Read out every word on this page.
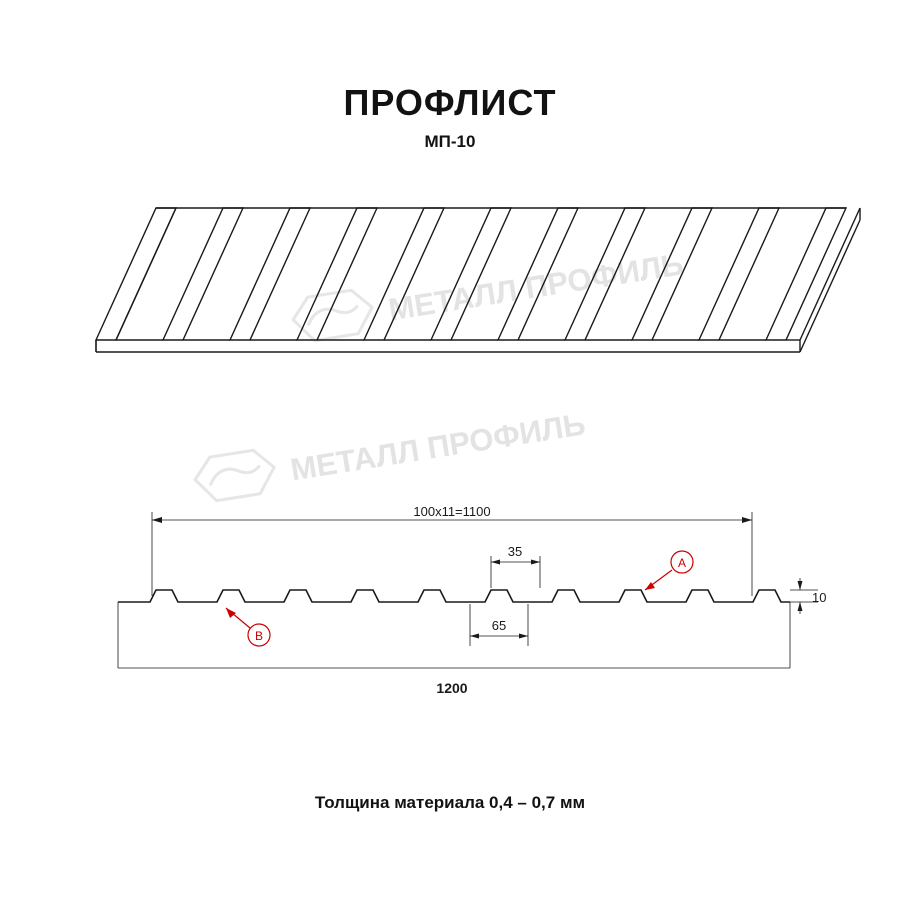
ПРОФЛИСТ
МП-10
Толщина материала 0,4 – 0,7 мм
МЕТАЛЛ ПРОФИЛЬ
МЕТАЛЛ ПРОФИЛЬ
100x11=1100
35
65
10
1200
A
B
